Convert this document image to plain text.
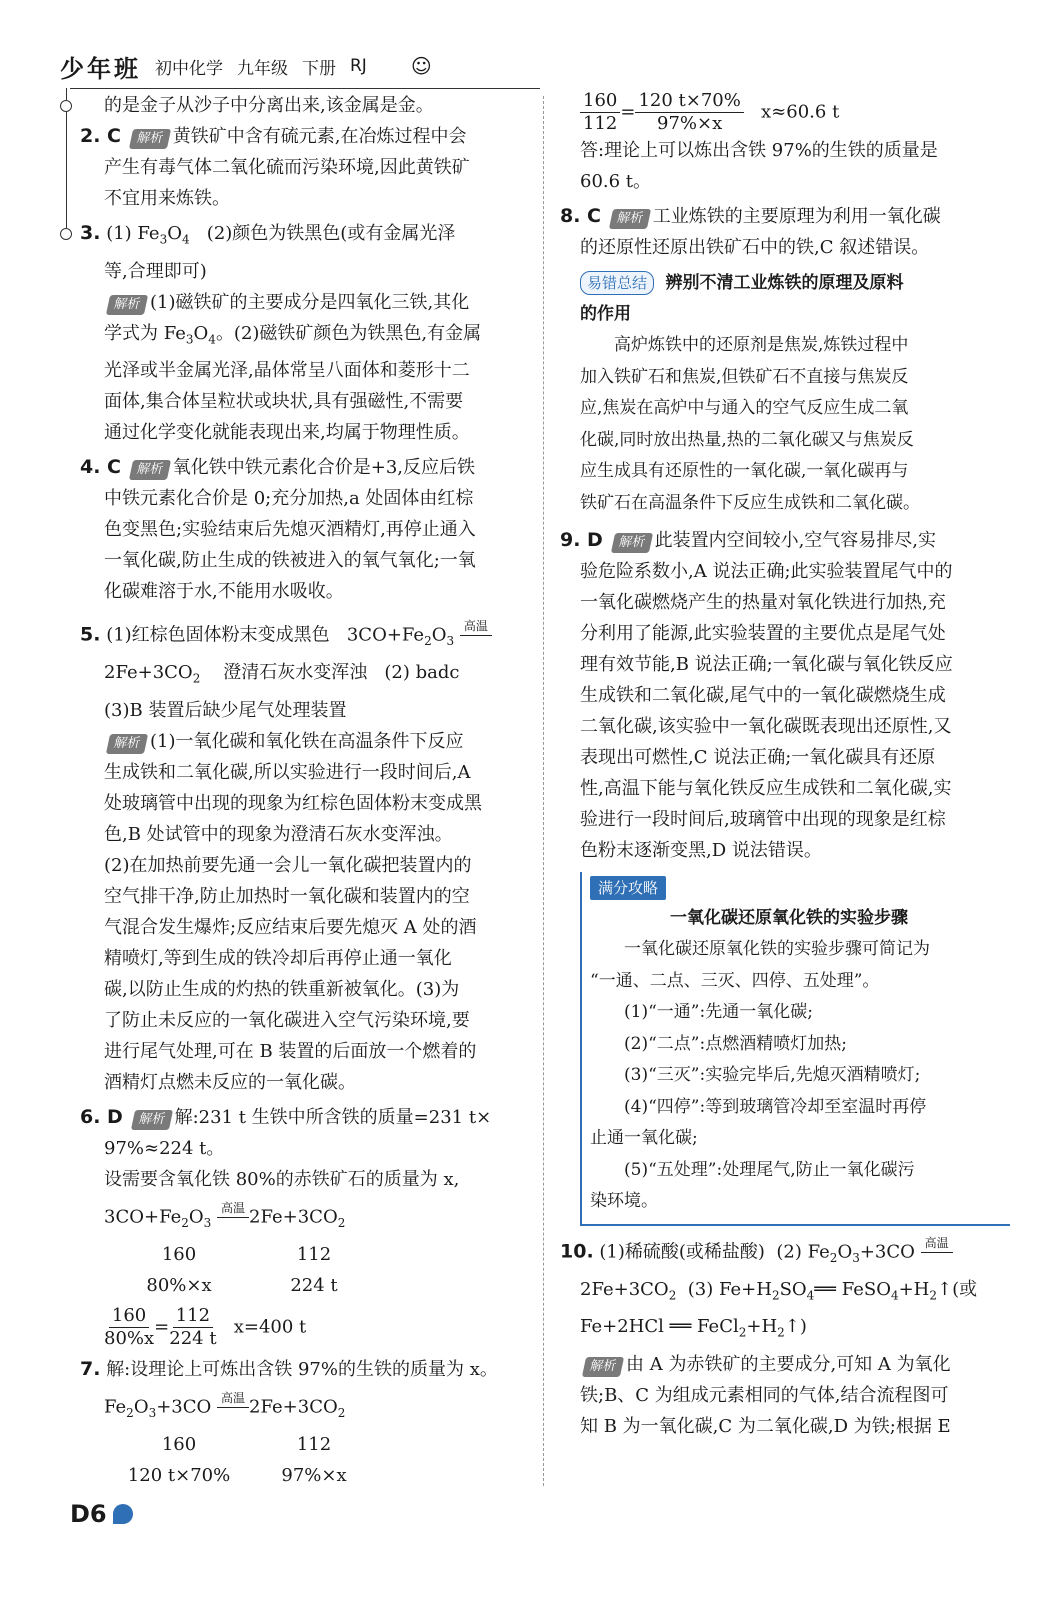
少年班 初中化学 九年级 下册 RJ ☺

的是金子从沙子中分离出来,该金属是金。

2. C 解析 黄铁矿中含有硫元素,在冶炼过程中会

产生有毒气体二氧化硫而污染环境,因此黄铁矿

不宜用来炼铁。

3. (1) $Fe_3O_4$ (2)颜色为铁黑色(或有金属光泽

等,合理即可)

解析 (1)磁铁矿的主要成分是四氧化三铁,其化

学式为 $Fe_3O_4$。(2)磁铁矿颜色为铁黑色,有金属

光泽或半金属光泽,晶体常呈八面体和菱形十二

面体,集合体呈粒状或块状,具有强磁性,不需要

通过化学变化就能表现出来,均属于物理性质。

4. C 解析 氧化铁中铁元素化合价是+3,反应后铁

中铁元素化合价是 0;充分加热,a 处固体由红棕

色变黑色;实验结束后先熄灭酒精灯,再停止通入

一氧化碳,防止生成的铁被进入的氧气氧化;一氧

化碳难溶于水,不能用水吸收。

5. (1)红棕色固体粉末变成黑色 $3CO+Fe_2O_3$
高温

$2Fe+3CO_2$ 澄清石灰水变浑浊 (2) badc

(3)B 装置后缺少尾气处理装置

解析 (1)一氧化碳和氧化铁在高温条件下反应

生成铁和二氧化碳,所以实验进行一段时间后,A

处玻璃管中出现的现象为红棕色固体粉末变成黑

色,B 处试管中的现象为澄清石灰水变浑浊。

(2)在加热前要先通一会儿一氧化碳把装置内的

空气排干净,防止加热时一氧化碳和装置内的空

气混合发生爆炸;反应结束后要先熄灭 A 处的酒

精喷灯,等到生成的铁冷却后再停止通一氧化

碳,以防止生成的灼热的铁重新被氧化。(3)为

了防止未反应的一氧化碳进入空气污染环境,要

进行尾气处理,可在 B 装置的后面放一个燃着的

酒精灯点燃未反应的一氧化碳。

6. D 解析 解:231 t 生铁中所含铁的质量=231 t×

97%≈224 t。

设需要含氧化铁 80%的赤铁矿石的质量为 x,

$3CO+Fe_2O_3$
高温
$2Fe+3CO_2$

160	112

80%×x	224 t

$\frac{160}{80\%x} = \frac{112}{224 t} x=400$ t

7. 解:设理论上可炼出含铁 97%的生铁的质量为 x。

$Fe_2O_3+3CO$ 高温
$2Fe+3CO_2$

160	112

120 t×70%	97%×x

$\frac{160}{112} = \frac{120 t\times 70\%}{97\%\times x} x\approx 60.6$ t

答:理论上可以炼出含铁 97%的生铁的质量是

60.6 t。

8. C 解析 工业炼铁的主要原理为利用一氧化碳

的还原性还原出铁矿石中的铁,C 叙述错误。

易错总结 辨别不清工业炼铁的原理及原料

的作用

高炉炼铁中的还原剂是焦炭,炼铁过程中

加入铁矿石和焦炭,但铁矿石不直接与焦炭反

应,焦炭在高炉中与通入的空气反应生成二氧

化碳,同时放出热量,热的二氧化碳又与焦炭反

应生成具有还原性的一氧化碳,一氧化碳再与

铁矿石在高温条件下反应生成铁和二氧化碳。

9. D 解析 此装置内空间较小,空气容易排尽,实

验危险系数小,A 说法正确;此实验装置尾气中的

一氧化碳燃烧产生的热量对氧化铁进行加热,充

分利用了能源,此实验装置的主要优点是尾气处

理有效节能,B 说法正确;一氧化碳与氧化铁反应

生成铁和二氧化碳,尾气中的一氧化碳燃烧生成

二氧化碳,该实验中一氧化碳既表现出还原性,又

表现出可燃性,C 说法正确;一氧化碳具有还原

性,高温下能与氧化铁反应生成铁和二氧化碳,实

验进行一段时间后,玻璃管中出现的现象是红棕

色粉末逐渐变黑,D 说法错误。

满分攻略

一氧化碳还原氧化铁的实验步骤

一氧化碳还原氧化铁的实验步骤可简记为

“一通、二点、三灭、四停、五处理”。

(1)“一通”:先通一氧化碳;

(2)“二点”:点燃酒精喷灯加热;

(3)“三灭”:实验完毕后,先熄灭酒精喷灯;

(4)“四停”:等到玻璃管冷却至室温时再停

止通一氧化碳;

(5)“五处理”:处理尾气,防止一氧化碳污

染环境。

10. (1)稀硫酸(或稀盐酸) (2) $Fe_2O_3+3CO$ 高温

$2Fe+3CO_2$ (3) $Fe+H_2SO_4══$ $FeSO_4+H_2↑$(或

Fe+2HCl ══ $FeCl_2+H_2↑$)

解析 由 A 为赤铁矿的主要成分,可知 A 为氧化

铁;B、C 为组成元素相同的气体,结合流程图可

知 B 为一氧化碳,C 为二氧化碳,D 为铁;根据 E

D6
